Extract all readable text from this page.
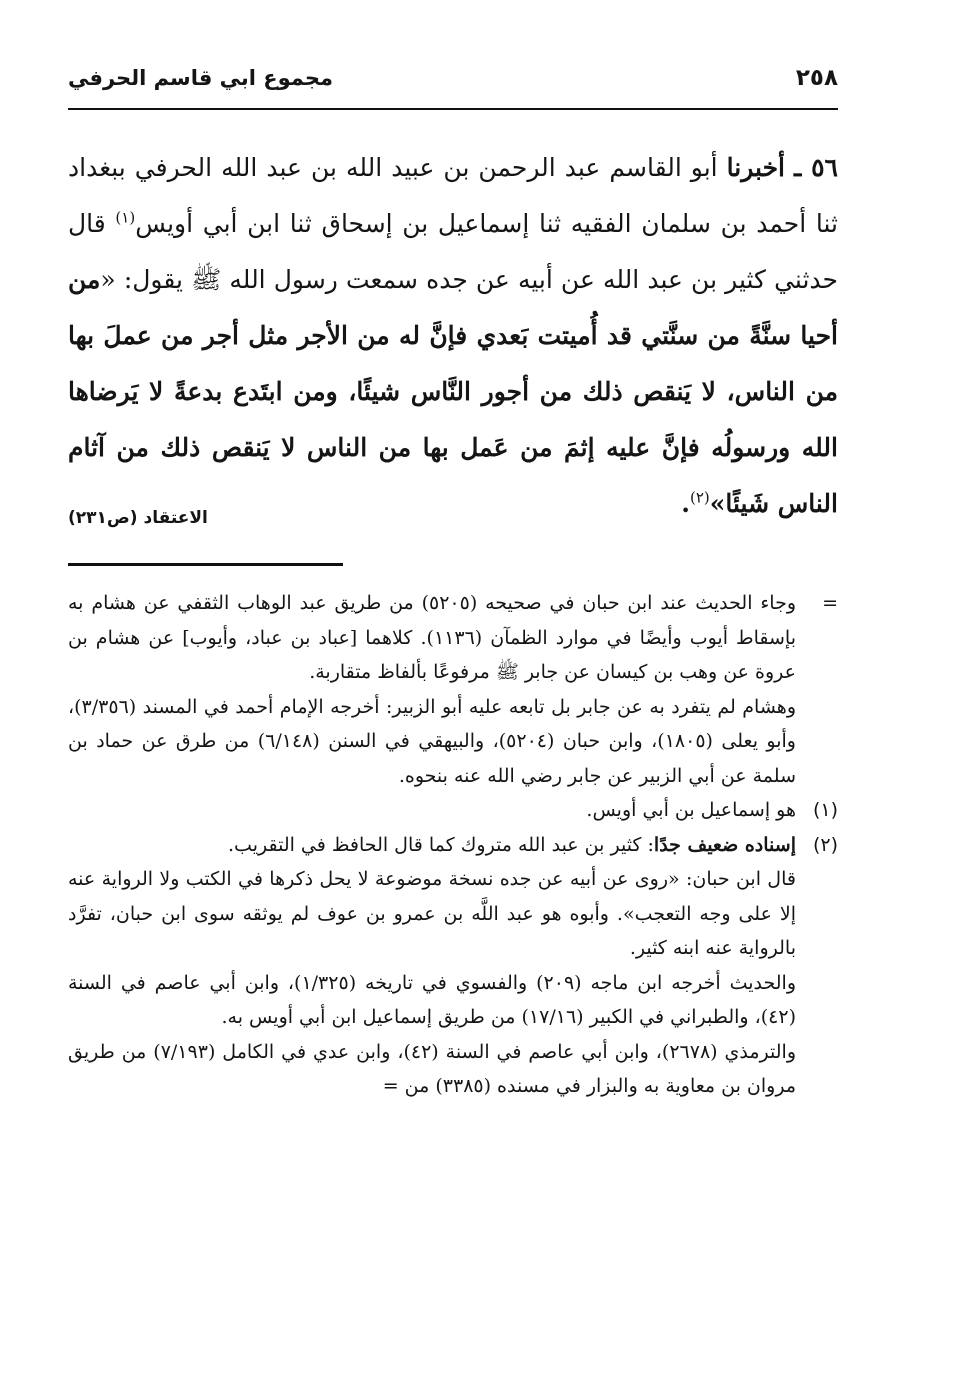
٢٥٨
مجموع ابي قاسم الحرفي
٥٦ ـ أخبرنا أبو القاسم عبد الرحمن بن عبيد الله بن عبد الله الحرفي ببغداد ثنا أحمد بن سلمان الفقيه ثنا إسماعيل بن إسحاق ثنا ابن أبي أويس$^{(١)}$ قال حدثني كثير بن عبد الله عن أبيه عن جده سمعت رسول الله ﷺ يقول: «من أحيا سنَّةً من سنَّتي قد أُميتت بَعدي فإنَّ له من الأجر مثل أجر من عملَ بها من الناس، لا يَنقص ذلك من أجور النَّاس شيئًا، ومن ابتَدع بدعةً لا يَرضاها الله ورسولُه فإنَّ عليه إثمَ من عَمل بها من الناس لا يَنقص ذلك من آثام الناس شَيئًا»$^{(٢)}$.
الاعتقاد (ص٢٣١)
=

وجاء الحديث عند ابن حبان في صحيحه (٥٢٠٥) من طريق عبد الوهاب الثقفي عن هشام به بإسقاط أيوب وأيضًا في موارد الظمآن (١١٣٦). كلاهما [عباد بن عباد، وأيوب] عن هشام بن عروة عن وهب بن كيسان عن جابر ﷺ مرفوعًا بألفاظ متقاربة.

وهشام لم يتفرد به عن جابر بل تابعه عليه أبو الزبير: أخرجه الإمام أحمد في المسند (٣/٣٥٦)، وأبو يعلى (١٨٠٥)، وابن حبان (٥٢٠٤)، والبيهقي في السنن (٦/١٤٨) من طرق عن حماد بن سلمة عن أبي الزبير عن جابر رضي الله عنه بنحوه.

(١)

هو إسماعيل بن أبي أويس.

(٢)

إسناده ضعيف جدًا: كثير بن عبد الله متروك كما قال الحافظ في التقريب.

قال ابن حبان: «روى عن أبيه عن جده نسخة موضوعة لا يحل ذكرها في الكتب ولا الرواية عنه إلا على وجه التعجب». وأبوه هو عبد اللَّه بن عمرو بن عوف لم يوثقه سوى ابن حبان، تفرَّد بالرواية عنه ابنه كثير.

والحديث أخرجه ابن ماجه (٢٠٩) والفسوي في تاريخه (١/٣٢٥)، وابن أبي عاصم في السنة (٤٢)، والطبراني في الكبير (١٧/١٦) من طريق إسماعيل ابن أبي أويس به.

والترمذي (٢٦٧٨)، وابن أبي عاصم في السنة (٤٢)، وابن عدي في الكامل (٧/١٩٣) من طريق مروان بن معاوية به والبزار في مسنده (٣٣٨٥) من =
